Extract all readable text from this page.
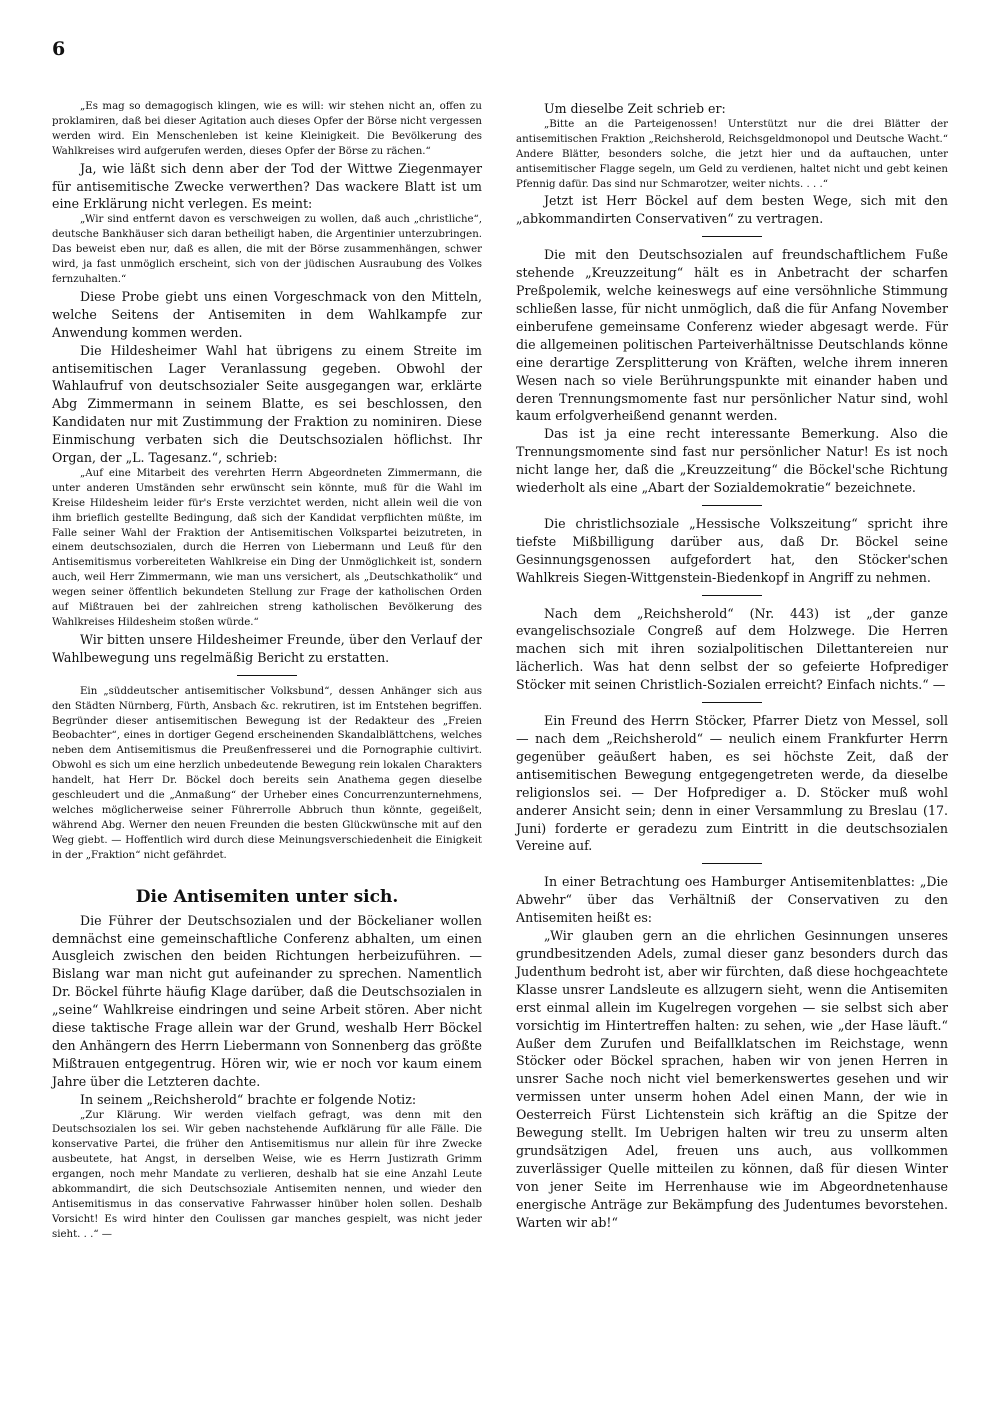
6

„Es mag so demagogisch klingen, wie es will: wir stehen nicht an, offen zu proklamiren, daß bei dieser Agitation auch dieses Opfer der Börse nicht vergessen werden wird. Ein Menschenleben ist keine Kleinigkeit. Die Bevölkerung des Wahlkreises wird aufgerufen werden, dieses Opfer der Börse zu rächen.“

Ja, wie läßt sich denn aber der Tod der Wittwe Ziegenmayer für antisemitische Zwecke verwerthen? Das wackere Blatt ist um eine Erklärung nicht verlegen. Es meint:

„Wir sind entfernt davon es verschweigen zu wollen, daß auch „christliche“, deutsche Bankhäuser sich daran betheiligt haben, die Argentinier unterzubringen. Das beweist eben nur, daß es allen, die mit der Börse zusammenhängen, schwer wird, ja fast unmöglich erscheint, sich von der jüdischen Ausraubung des Volkes fernzuhalten.“

Diese Probe giebt uns einen Vorgeschmack von den Mitteln, welche Seitens der Antisemiten in dem Wahlkampfe zur Anwendung kommen werden.

Die Hildesheimer Wahl hat übrigens zu einem Streite im antisemitischen Lager Veranlassung gegeben. Obwohl der Wahlaufruf von deutschsozialer Seite ausgegangen war, erklärte Abg Zimmermann in seinem Blatte, es sei beschlossen, den Kandidaten nur mit Zustimmung der Fraktion zu nominiren. Diese Einmischung verbaten sich die Deutschsozialen höflichst. Ihr Organ, der „L. Tagesanz.“, schrieb:

„Auf eine Mitarbeit des verehrten Herrn Abgeordneten Zimmermann, die unter anderen Umständen sehr erwünscht sein könnte, muß für die Wahl im Kreise Hildesheim leider für's Erste verzichtet werden, nicht allein weil die von ihm brieflich gestellte Bedingung, daß sich der Kandidat verpflichten müßte, im Falle seiner Wahl der Fraktion der Antisemitischen Volkspartei beizutreten, in einem deutschsozialen, durch die Herren von Liebermann und Leuß für den Antisemitismus vorbereiteten Wahlkreise ein Ding der Unmöglichkeit ist, sondern auch, weil Herr Zimmermann, wie man uns versichert, als „Deutschkatholik“ und wegen seiner öffentlich bekundeten Stellung zur Frage der katholischen Orden auf Mißtrauen bei der zahlreichen streng katholischen Bevölkerung des Wahlkreises Hildesheim stoßen würde.“

Wir bitten unsere Hildesheimer Freunde, über den Verlauf der Wahlbewegung uns regelmäßig Bericht zu erstatten.

Ein „süddeutscher antisemitischer Volksbund“, dessen Anhänger sich aus den Städten Nürnberg, Fürth, Ansbach &c. rekrutiren, ist im Entstehen begriffen. Begründer dieser antisemitischen Bewegung ist der Redakteur des „Freien Beobachter“, eines in dortiger Gegend erscheinenden Skandalblättchens, welches neben dem Antisemitismus die Preußenfresserei und die Pornographie cultivirt. Obwohl es sich um eine herzlich unbedeutende Bewegung rein lokalen Charakters handelt, hat Herr Dr. Böckel doch bereits sein Anathema gegen dieselbe geschleudert und die „Anmaßung“ der Urheber eines Concurrenzunternehmens, welches möglicherweise seiner Führerrolle Abbruch thun könnte, gegeißelt, während Abg. Werner den neuen Freunden die besten Glückwünsche mit auf den Weg giebt. — Hoffentlich wird durch diese Meinungsverschiedenheit die Einigkeit in der „Fraktion“ nicht gefährdet.

Die Antisemiten unter sich.

Die Führer der Deutschsozialen und der Böckelianer wollen demnächst eine gemeinschaftliche Conferenz abhalten, um einen Ausgleich zwischen den beiden Richtungen herbeizuführen. — Bislang war man nicht gut aufeinander zu sprechen. Namentlich Dr. Böckel führte häufig Klage darüber, daß die Deutschsozialen in „seine“ Wahlkreise eindringen und seine Arbeit stören. Aber nicht diese taktische Frage allein war der Grund, weshalb Herr Böckel den Anhängern des Herrn Liebermann von Sonnenberg das größte Mißtrauen entgegentrug. Hören wir, wie er noch vor kaum einem Jahre über die Letzteren dachte.

In seinem „Reichsherold“ brachte er folgende Notiz:

„Zur Klärung. Wir werden vielfach gefragt, was denn mit den Deutschsozialen los sei. Wir geben nachstehende Aufklärung für alle Fälle. Die konservative Partei, die früher den Antisemitismus nur allein für ihre Zwecke ausbeutete, hat Angst, in derselben Weise, wie es Herrn Justizrath Grimm ergangen, noch mehr Mandate zu verlieren, deshalb hat sie eine Anzahl Leute abkommandirt, die sich Deutschsoziale Antisemiten nennen, und wieder den Antisemitismus in das conservative Fahrwasser hinüber holen sollen. Deshalb Vorsicht! Es wird hinter den Coulissen gar manches gespielt, was nicht jeder sieht. . .“ —

Um dieselbe Zeit schrieb er:

„Bitte an die Parteigenossen! Unterstützt nur die drei Blätter der antisemitischen Fraktion „Reichsherold, Reichsgeldmonopol und Deutsche Wacht.“ Andere Blätter, besonders solche, die jetzt hier und da auftauchen, unter antisemitischer Flagge segeln, um Geld zu verdienen, haltet nicht und gebt keinen Pfennig dafür. Das sind nur Schmarotzer, weiter nichts. . . .“

Jetzt ist Herr Böckel auf dem besten Wege, sich mit den „abkommandirten Conservativen“ zu vertragen.

Die mit den Deutschsozialen auf freundschaftlichem Fuße stehende „Kreuzzeitung“ hält es in Anbetracht der scharfen Preßpolemik, welche keineswegs auf eine versöhnliche Stimmung schließen lasse, für nicht unmöglich, daß die für Anfang November einberufene gemeinsame Conferenz wieder abgesagt werde. Für die allgemeinen politischen Parteiverhältnisse Deutschlands könne eine derartige Zersplitterung von Kräften, welche ihrem inneren Wesen nach so viele Berührungspunkte mit einander haben und deren Trennungsmomente fast nur persönlicher Natur sind, wohl kaum erfolgverheißend genannt werden.

Das ist ja eine recht interessante Bemerkung. Also die Trennungsmomente sind fast nur persönlicher Natur! Es ist noch nicht lange her, daß die „Kreuzzeitung“ die Böckel'sche Richtung wiederholt als eine „Abart der Sozialdemokratie“ bezeichnete.

Die christlichsoziale „Hessische Volkszeitung“ spricht ihre tiefste Mißbilligung darüber aus, daß Dr. Böckel seine Gesinnungsgenossen aufgefordert hat, den Stöcker'schen Wahlkreis Siegen-Wittgenstein-Biedenkopf in Angriff zu nehmen.

Nach dem „Reichsherold“ (Nr. 443) ist „der ganze evangelischsoziale Congreß auf dem Holzwege. Die Herren machen sich mit ihren sozialpolitischen Dilettantereien nur lächerlich. Was hat denn selbst der so gefeierte Hofprediger Stöcker mit seinen Christlich-Sozialen erreicht? Einfach nichts.“ —

Ein Freund des Herrn Stöcker, Pfarrer Dietz von Messel, soll — nach dem „Reichsherold“ — neulich einem Frankfurter Herrn gegenüber geäußert haben, es sei höchste Zeit, daß der antisemitischen Bewegung entgegengetreten werde, da dieselbe religionslos sei. — Der Hofprediger a. D. Stöcker muß wohl anderer Ansicht sein; denn in einer Versammlung zu Breslau (17. Juni) forderte er geradezu zum Eintritt in die deutschsozialen Vereine auf.

In einer Betrachtung oes Hamburger Antisemitenblattes: „Die Abwehr“ über das Verhältniß der Conservativen zu den Antisemiten heißt es:

„Wir glauben gern an die ehrlichen Gesinnungen unseres grundbesitzenden Adels, zumal dieser ganz besonders durch das Judenthum bedroht ist, aber wir fürchten, daß diese hochgeachtete Klasse unsrer Landsleute es allzugern sieht, wenn die Antisemiten erst einmal allein im Kugelregen vorgehen — sie selbst sich aber vorsichtig im Hintertreffen halten: zu sehen, wie „der Hase läuft.“ Außer dem Zurufen und Beifallklatschen im Reichstage, wenn Stöcker oder Böckel sprachen, haben wir von jenen Herren in unsrer Sache noch nicht viel bemerkenswertes gesehen und wir vermissen unter unserm hohen Adel einen Mann, der wie in Oesterreich Fürst Lichtenstein sich kräftig an die Spitze der Bewegung stellt. Im Uebrigen halten wir treu zu unserm alten grundsätzigen Adel, freuen uns auch, aus vollkommen zuverlässiger Quelle mitteilen zu können, daß für diesen Winter von jener Seite im Herrenhause wie im Abgeordnetenhause energische Anträge zur Bekämpfung des Judentumes bevorstehen. Warten wir ab!“
